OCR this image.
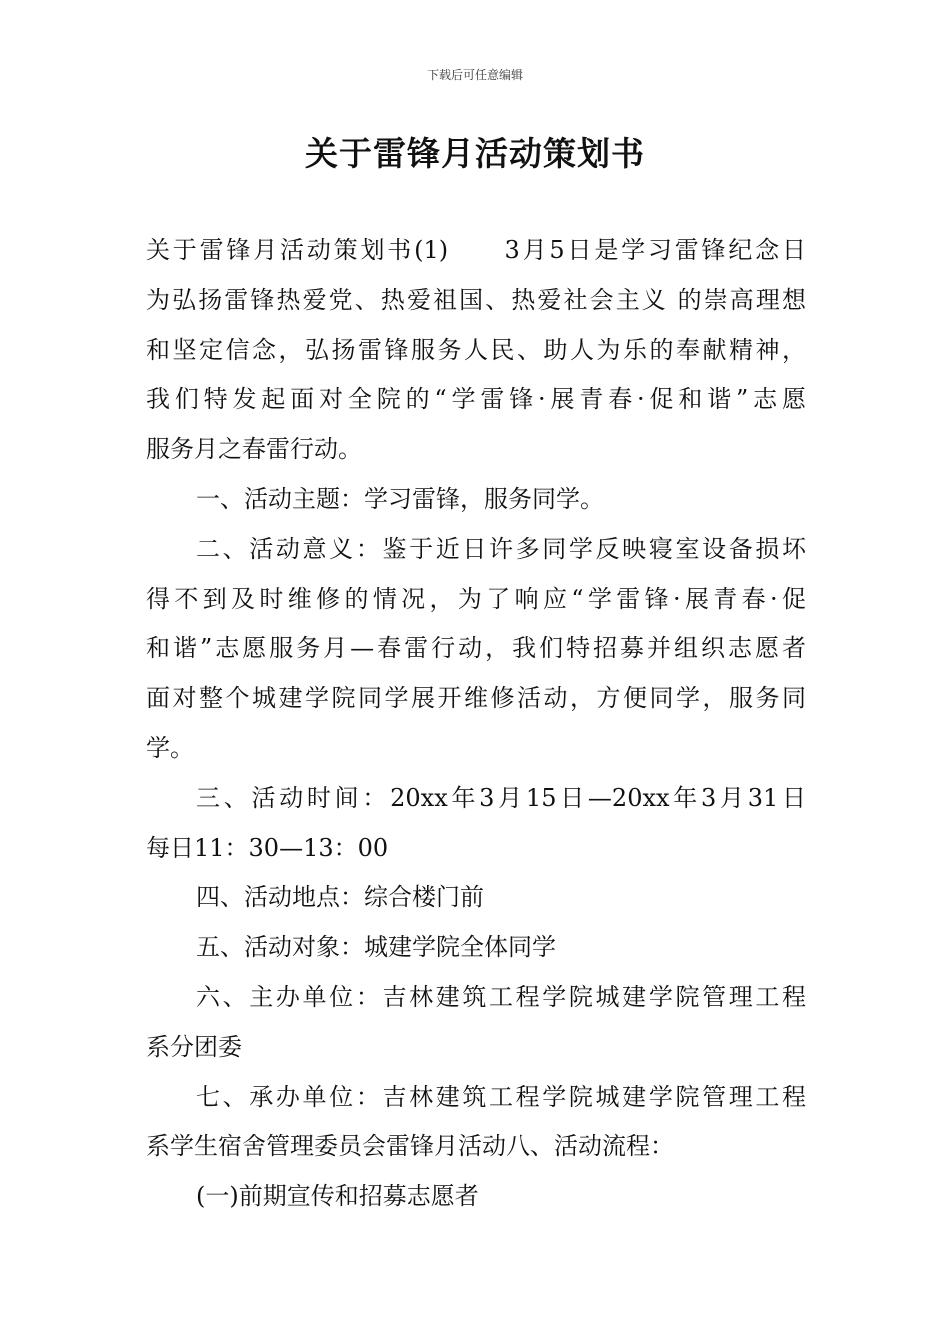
下载后可任意编辑
关于雷锋月活动策划书
关于雷锋月活动策划书(1)　　3月5日是学习雷锋纪念日
为弘扬雷锋热爱党、热爱祖国、热爱社会主义 的崇高理想
和坚定信念，弘扬雷锋服务人民、助人为乐的奉献精神，
我们特发起面对全院的“学雷锋·展青春·促和谐”志愿
服务月之春雷行动。
一、活动主题：学习雷锋，服务同学。
二、活动意义：鉴于近日许多同学反映寝室设备损坏
得不到及时维修的情况，为了响应“学雷锋·展青春·促
和谐”志愿服务月—春雷行动，我们特招募并组织志愿者
面对整个城建学院同学展开维修活动，方便同学，服务同
学。
三、活动时间：20xx年3月15日—20xx年3月31日
每日11：30—13：00
四、活动地点：综合楼门前
五、活动对象：城建学院全体同学
六、主办单位：吉林建筑工程学院城建学院管理工程
系分团委
七、承办单位：吉林建筑工程学院城建学院管理工程
系学生宿舍管理委员会雷锋月活动八、活动流程：
(一)前期宣传和招募志愿者
